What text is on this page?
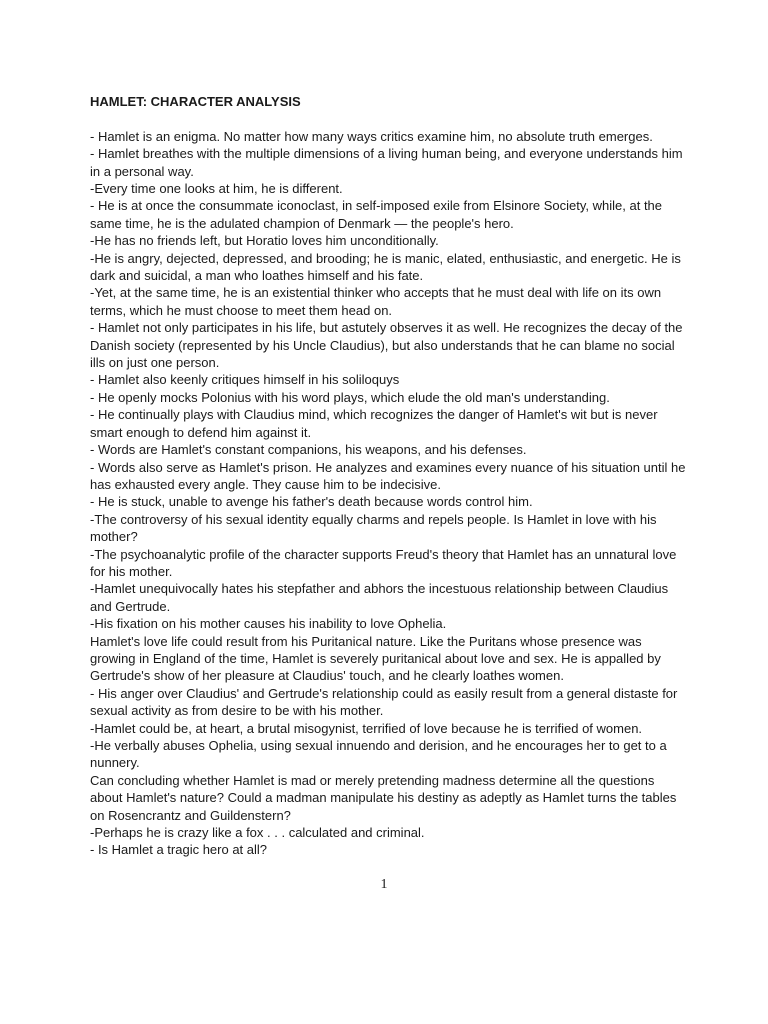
HAMLET: CHARACTER ANALYSIS

- Hamlet is an enigma. No matter how many ways critics examine him, no absolute truth emerges.

- Hamlet breathes with the multiple dimensions of a living human being, and everyone understands him in a personal way.

-Every time one looks at him, he is different.

- He is at once the consummate iconoclast, in self-imposed exile from Elsinore Society, while, at the same time, he is the adulated champion of Denmark — the people's hero.

-He has no friends left, but Horatio loves him unconditionally.

-He is angry, dejected, depressed, and brooding; he is manic, elated, enthusiastic, and energetic. He is dark and suicidal, a man who loathes himself and his fate.

-Yet, at the same time, he is an existential thinker who accepts that he must deal with life on its own terms, which he must choose to meet them head on.

- Hamlet not only participates in his life, but astutely observes it as well. He recognizes the decay of the Danish society (represented by his Uncle Claudius), but also understands that he can blame no social ills on just one person.

- Hamlet also keenly critiques himself in his soliloquys

- He openly mocks Polonius with his word plays, which elude the old man's understanding.

- He continually plays with Claudius mind, which recognizes the danger of Hamlet's wit but is never smart enough to defend him against it.

- Words are Hamlet's constant companions, his weapons, and his defenses.

- Words also serve as Hamlet's prison. He analyzes and examines every nuance of his situation until he has exhausted every angle. They cause him to be indecisive.

- He is stuck, unable to avenge his father's death because words control him.

-The controversy of his sexual identity equally charms and repels people. Is Hamlet in love with his mother?

-The psychoanalytic profile of the character supports Freud's theory that Hamlet has an unnatural love for his mother.

-Hamlet unequivocally hates his stepfather and abhors the incestuous relationship between Claudius and Gertrude.

-His fixation on his mother causes his inability to love Ophelia.

Hamlet's love life could result from his Puritanical nature. Like the Puritans whose presence was growing in England of the time, Hamlet is severely puritanical about love and sex. He is appalled by Gertrude's show of her pleasure at Claudius' touch, and he clearly loathes women.

- His anger over Claudius' and Gertrude's relationship could as easily result from a general distaste for sexual activity as from desire to be with his mother.

-Hamlet could be, at heart, a brutal misogynist, terrified of love because he is terrified of women.

-He verbally abuses Ophelia, using sexual innuendo and derision, and he encourages her to get to a nunnery.

Can concluding whether Hamlet is mad or merely pretending madness determine all the questions about Hamlet's nature? Could a madman manipulate his destiny as adeptly as Hamlet turns the tables on Rosencrantz and Guildenstern?

-Perhaps he is crazy like a fox . . . calculated and criminal.

- Is Hamlet a tragic hero at all?

1
